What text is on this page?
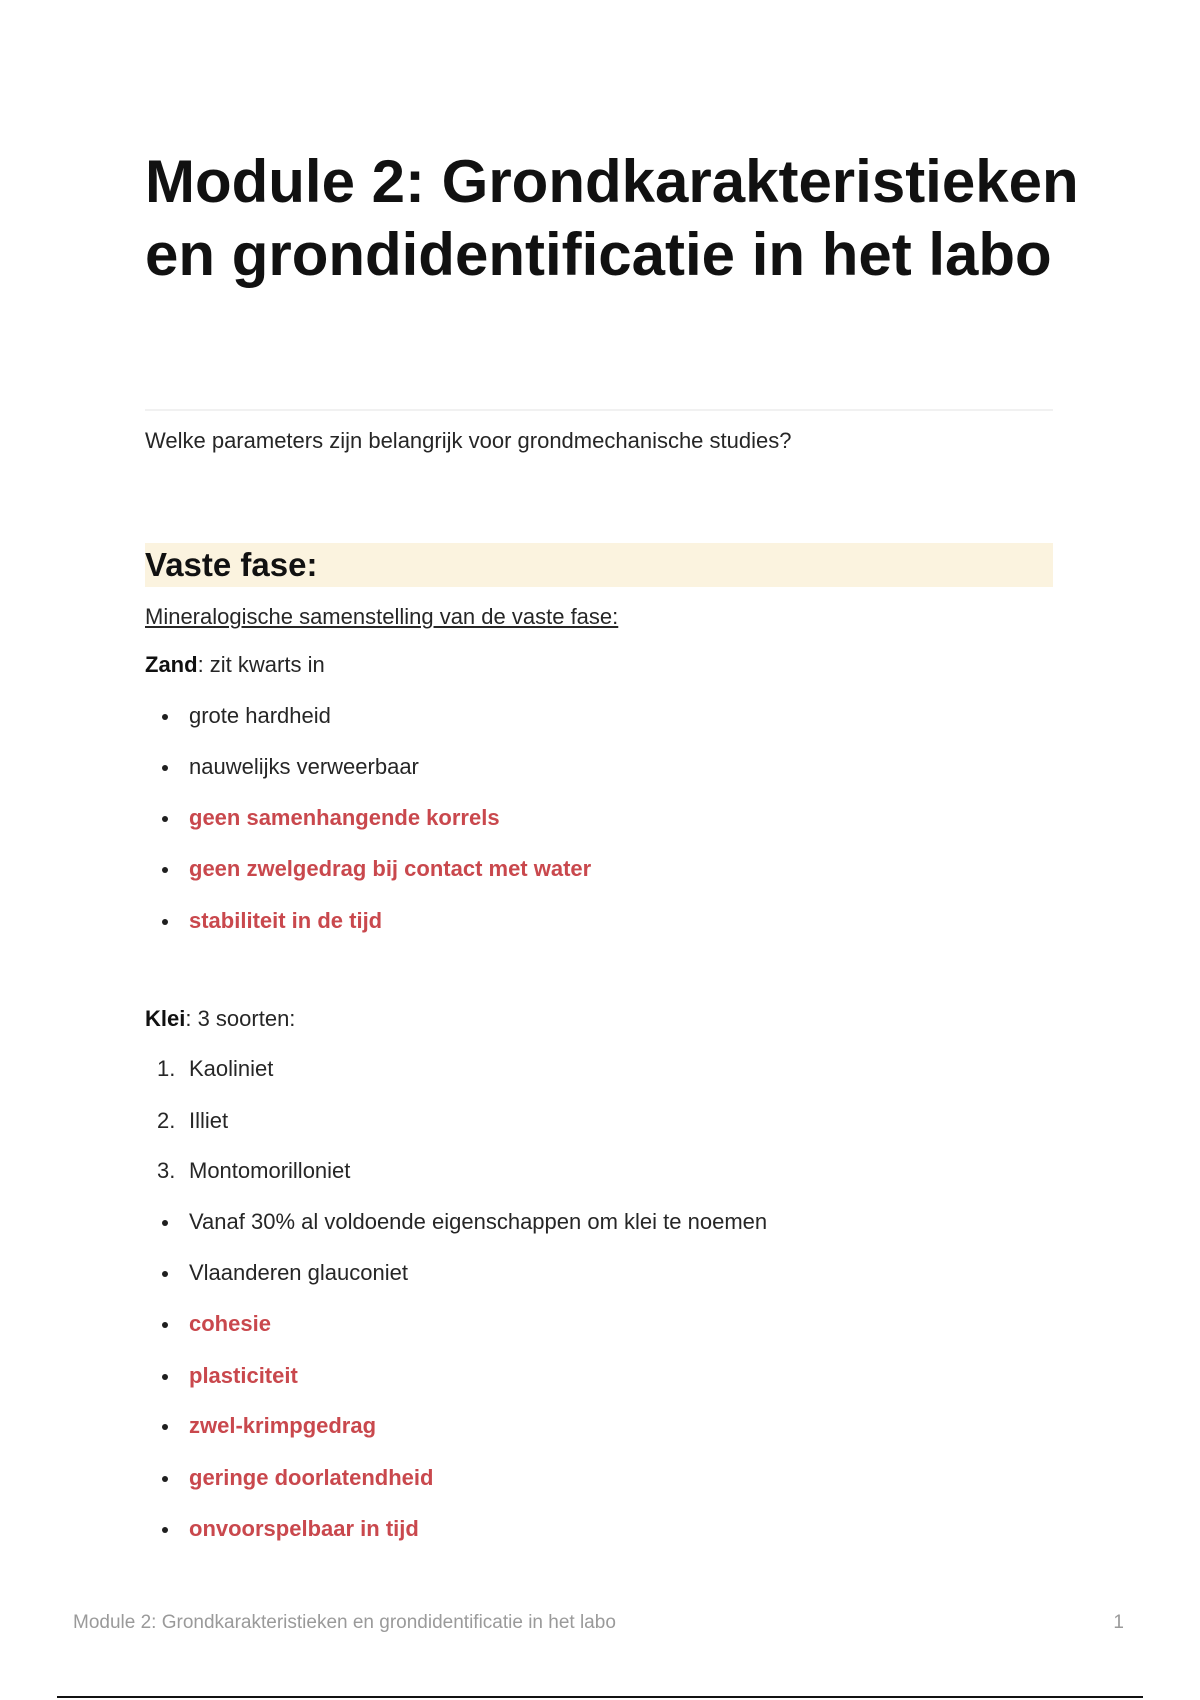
Module 2: Grondkarakteristieken en grondidentificatie in het labo

Welke parameters zijn belangrijk voor grondmechanische studies?

Vaste fase:

Mineralogische samenstelling van de vaste fase:

Zand: zit kwarts in

grote hardheid
nauwelijks verweerbaar
geen samenhangende korrels
geen zwelgedrag bij contact met water
stabiliteit in de tijd

Klei: 3 soorten:

1. Kaoliniet
2. Illiet
3. Montomorilloniet
Vanaf 30% al voldoende eigenschappen om klei te noemen
Vlaanderen glauconiet
cohesie
plasticiteit
zwel-krimpgedrag
geringe doorlatendheid
onvoorspelbaar in tijd

Module 2: Grondkarakteristieken en grondidentificatie in het labo	1
